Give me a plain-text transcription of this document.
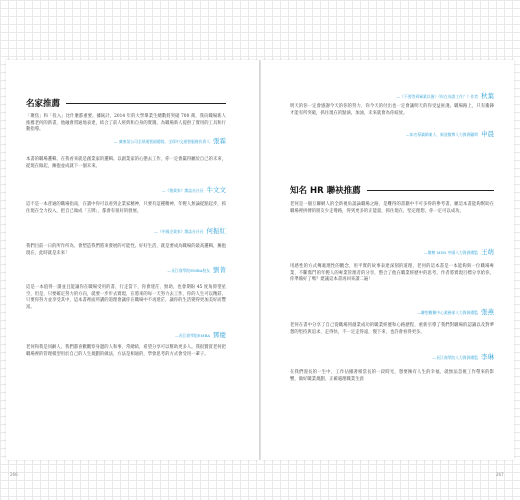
名家推薦
「聚焦」和「投入」比什麼都重要。據統計，2014 年的大學畢業生總數將突破 700 萬，我向職場新人推薦老何的新書，他融會貫通地表達，結合了前人經典和自身的實踐，為職場新人提供了實用的工具和行動指導。
— 廣東某公司全球運營副總裁、全球中文運營服務負責人 張霖
本書的職場邏輯，在我看來就是創業家的邏輯。以創業家的心態去工作，你一定會贏得屬於自己的未來，從現在做起，擁抱並成就下一個未來。
—《創業家》雜誌社社長 牛文文
這不是一本普通的職場指南，在讀中你可以看到企業家精神，只要有這種精神，年輕人無論從點起步，抓住現在全力投入，把自己做成「王牌」，都會有很好的發展。
—《中國企業家》雜誌社社長 何振紅
我們目前一日的所作所為，會塑造我們將來發展的可能性。好好生活，就是要成為職場的最高邏輯，擁抱現在，此時就是未來！
—長江商學院EMBA校友 劉菁
這是一本值得一讀並且能讓你在職場受用的書，行走當下，你會迷茫、無助，也會期盼 45 度角仰望星空，但是，只要確定努力的方向，就要一步步去實現，在將來的每一天努力去工作，你的人生可以精彩，只要你努力並享受其中，這本書裡面所講的道理會讓你在職場中不再迷茫，讓你的生活變得更加美好而豐富。
—長江商學院EMBA 鄧慶
老何和我是同齡人，我們都喜歡觀察身邊的人和事，常總結，希望分享可以幫助更多人。我很贊賞老何把職場裡的管理模型用於自己的人生規劃的做法，方法是相通的，學會思考的方式會受用一輩子。
266
—《不要等到畢業以後》《你在為誰工作？》作者 秋葉
明天的你一定會感謝今天的你的努力，你今天的付出也一定會讓明天的你受益匪淺。職場路上，只有衝鋒才能有所突破，抓住現在的點滴，加油，未來就會為你綻放。
—知名導讀師兼人、新浪微博人力資源顧問 申晨
知名 HR 聯袂推薦
老何是一個互聯網人的全新視角談論職場之路，是難得的書籍中不可多得的參考書，願這本書能夠幫助在職場裡拼搏的朋友少走彎路，得到更多的正能量，抓住現在，堅定理想，你一定可以成功。
—微軟 MSN 中國人力資源總監 王萌
用感性的方式傳遞理性的觀念，用平實的故事表達深刻的道理，老何的這本書是一本能夠與一位職場專業、不斷奮鬥的年輕人的專業管理者的分享，整合了他在職業經歷中的思考，作者將實現目標分享給你，你準備好了嗎？建議這本書再回來讀二遍！
—聯想數據中心業務部人力資源總監 張燕
老何在書中分享了自己從職場到創業成功的職業經歷和心路歷程，重新引導了我們對職場的認識以及對夢想的堅持與追求，走得快，不一定走得遠，慢下來，也許會看得更多。
—長江商學院人力資源總監 李琳
在我們漫長的一生中，工作佔據著相當長的一段時光，想要擁有人生的幸福，就無法忽視工作帶來的影響，做好職業規劃，正確處理職業生涯
267
